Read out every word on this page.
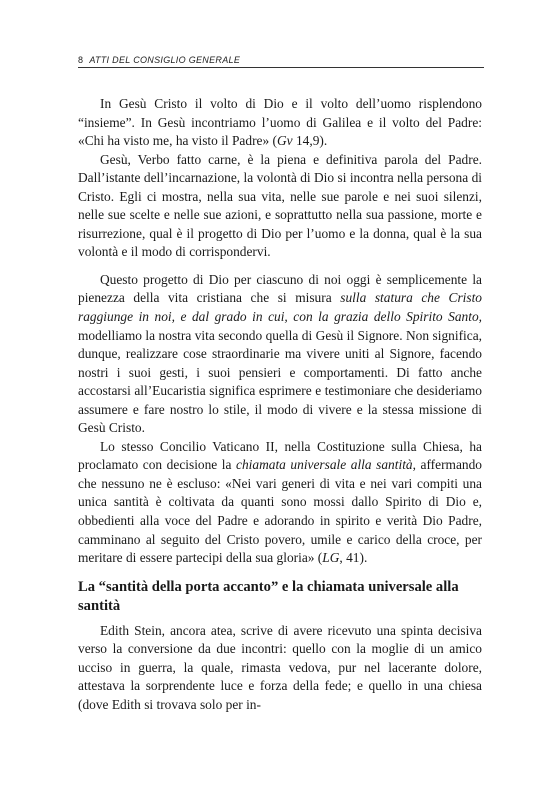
8 ATTI DEL CONSIGLIO GENERALE

In Gesù Cristo il volto di Dio e il volto dell’uomo risplendono “insieme”. In Gesù incontriamo l’uomo di Galilea e il volto del Padre: «Chi ha visto me, ha visto il Padre» (Gv 14,9).

Gesù, Verbo fatto carne, è la piena e definitiva parola del Padre. Dall’istante dell’incarnazione, la volontà di Dio si incontra nella persona di Cristo. Egli ci mostra, nella sua vita, nelle sue parole e nei suoi silenzi, nelle sue scelte e nelle sue azioni, e soprattutto nella sua passione, morte e risurrezione, qual è il progetto di Dio per l’uomo e la donna, qual è la sua volontà e il modo di corrispondervi.

Questo progetto di Dio per ciascuno di noi oggi è semplicemente la pienezza della vita cristiana che si misura sulla statura che Cristo raggiunge in noi, e dal grado in cui, con la grazia dello Spirito Santo, modelliamo la nostra vita secondo quella di Gesù il Signore. Non significa, dunque, realizzare cose straordinarie ma vivere uniti al Signore, facendo nostri i suoi gesti, i suoi pensieri e comportamenti. Di fatto anche accostarsi all’Eucaristia significa esprimere e testimoniare che desideriamo assumere e fare nostro lo stile, il modo di vivere e la stessa missione di Gesù Cristo.

Lo stesso Concilio Vaticano II, nella Costituzione sulla Chiesa, ha proclamato con decisione la chiamata universale alla santità, affermando che nessuno ne è escluso: «Nei vari generi di vita e nei vari compiti una unica santità è coltivata da quanti sono mossi dallo Spirito di Dio e, obbedienti alla voce del Padre e adorando in spirito e verità Dio Padre, camminano al seguito del Cristo povero, umile e carico della croce, per meritare di essere partecipi della sua gloria» (LG, 41).

La “santità della porta accanto” e la chiamata universale alla santità

Edith Stein, ancora atea, scrive di avere ricevuto una spinta decisiva verso la conversione da due incontri: quello con la moglie di un amico ucciso in guerra, la quale, rimasta vedova, pur nel lacerante dolore, attestava la sorprendente luce e forza della fede; e quello in una chiesa (dove Edith si trovava solo per in-
